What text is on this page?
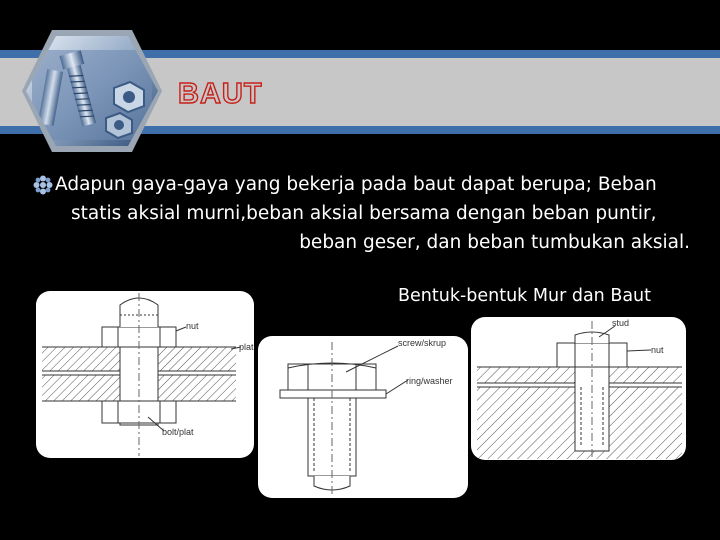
BAUT
Adapun gaya-gaya yang bekerja pada baut dapat berupa; Beban
statis aksial murni,beban aksial bersama dengan beban puntir,
beban geser, dan beban tumbukan aksial.
Bentuk-bentuk Mur dan Baut
nut
plat
bolt/plat
screw/skrup
ring/washer
stud
nut
